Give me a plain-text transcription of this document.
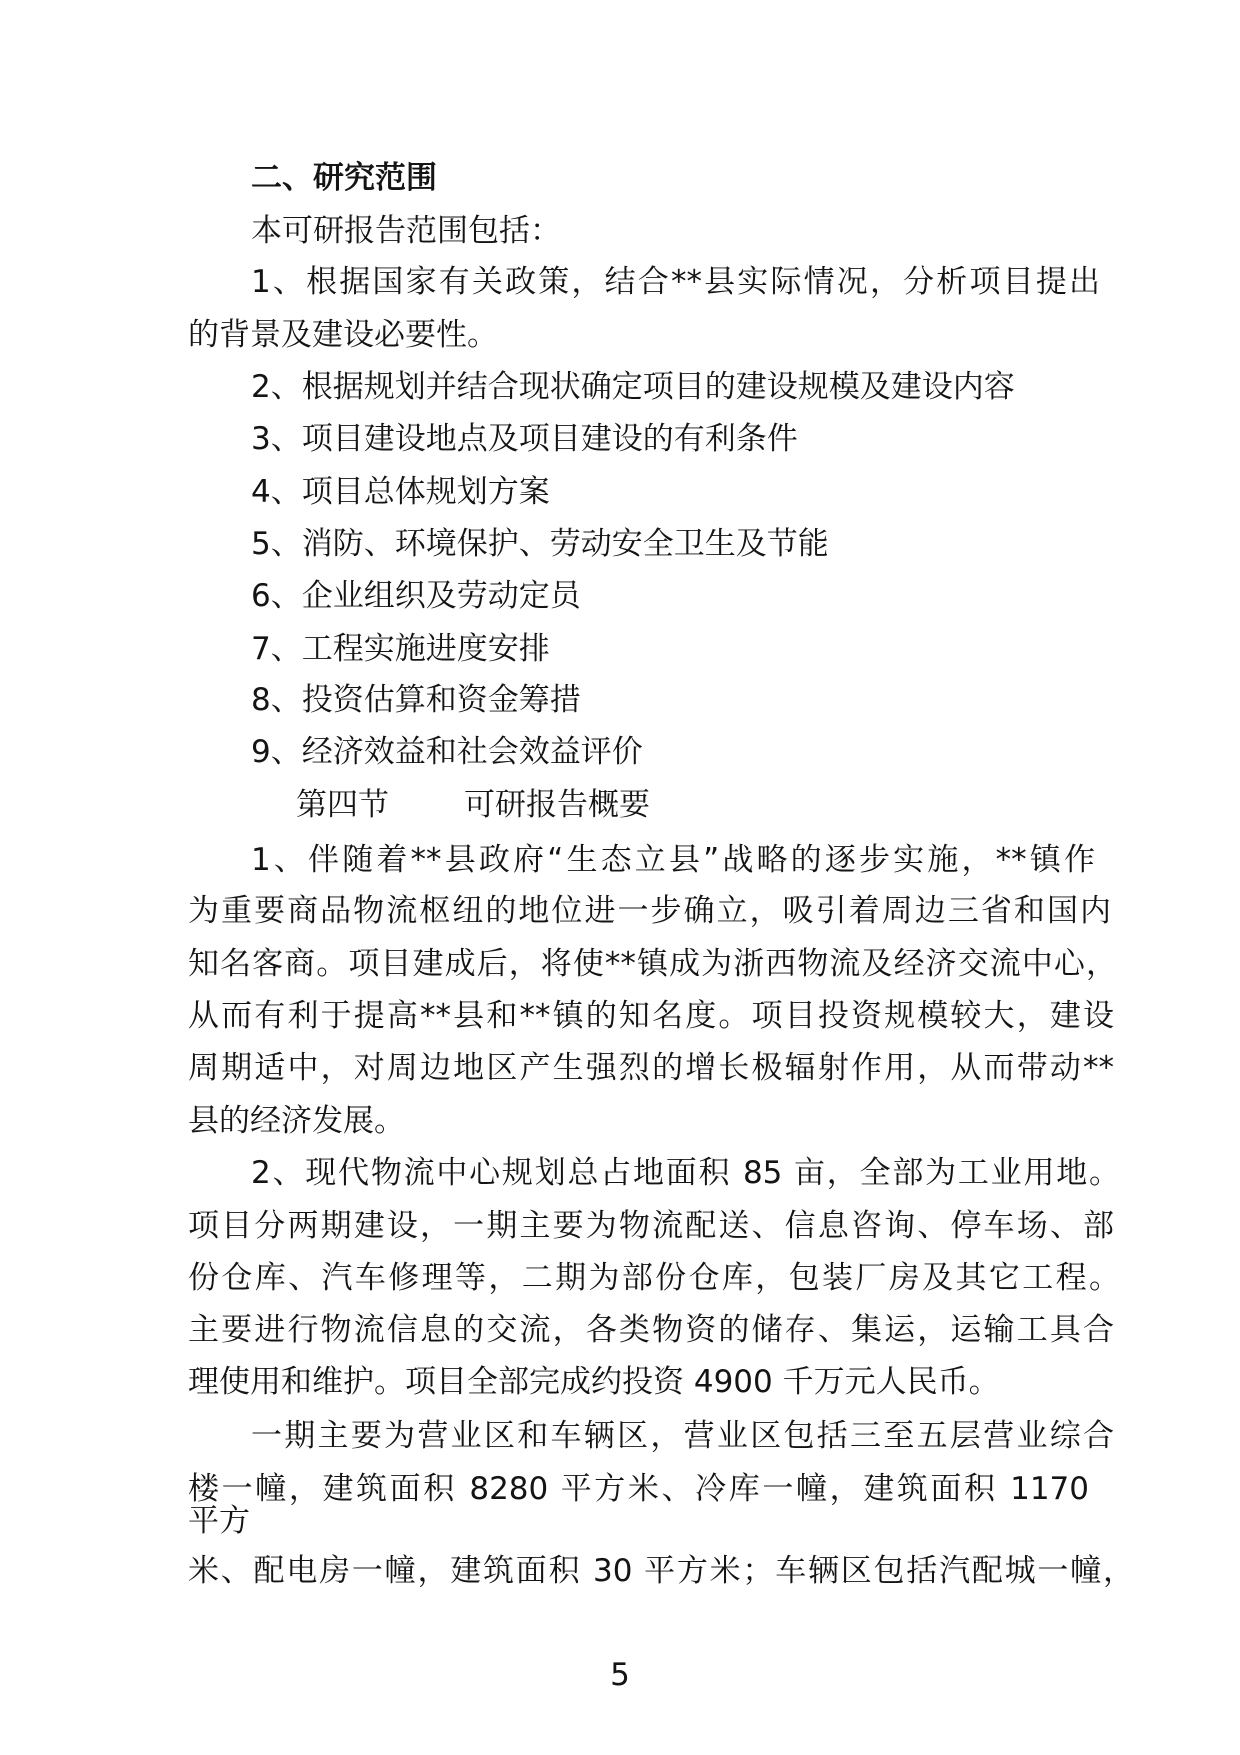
二、研究范围
本可研报告范围包括：
1、根据国家有关政策，结合**县实际情况，分析项目提出
的背景及建设必要性。
2、根据规划并结合现状确定项目的建设规模及建设内容
3、项目建设地点及项目建设的有利条件
4、项目总体规划方案
5、消防、环境保护、劳动安全卫生及节能
6、企业组织及劳动定员
7、工程实施进度安排
8、投资估算和资金筹措
9、经济效益和社会效益评价
第四节 可研报告概要
1、伴随着**县政府“生态立县”战略的逐步实施，**镇作
为重要商品物流枢纽的地位进一步确立，吸引着周边三省和国内
知名客商。项目建成后，将使**镇成为浙西物流及经济交流中心，
从而有利于提高**县和**镇的知名度。项目投资规模较大，建设
周期适中，对周边地区产生强烈的增长极辐射作用，从而带动**
县的经济发展。
2、现代物流中心规划总占地面积 85 亩，全部为工业用地。
项目分两期建设，一期主要为物流配送、信息咨询、停车场、部
份仓库、汽车修理等，二期为部份仓库，包装厂房及其它工程。
主要进行物流信息的交流，各类物资的储存、集运，运输工具合
理使用和维护。项目全部完成约投资 4900 千万元人民币。
一期主要为营业区和车辆区，营业区包括三至五层营业综合
楼一幢，建筑面积 8280 平方米、冷库一幢，建筑面积 1170
平方
米、配电房一幢，建筑面积 30 平方米；车辆区包括汽配城一幢，
5
